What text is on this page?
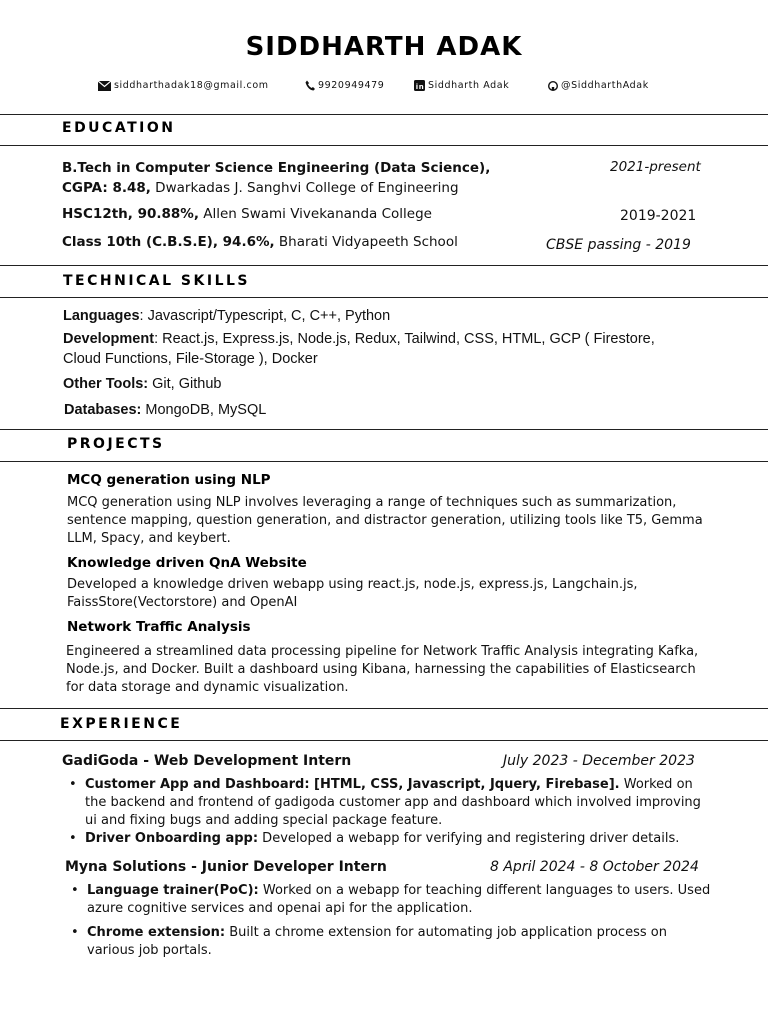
SIDDHARTH ADAK
siddharthadak18@gmail.com	9920949479	in Siddharth Adak	@SiddharthAdak
EDUCATION
B.Tech in Computer Science Engineering (Data Science),	2021-present
CGPA: 8.48, Dwarkadas J. Sanghvi College of Engineering
HSC12th, 90.88%, Allen Swami Vivekananda College	2019-2021
Class 10th (C.B.S.E), 94.6%, Bharati Vidyapeeth School	CBSE passing - 2019
TECHNICAL SKILLS
Languages: Javascript/Typescript, C, C++, Python
Development: React.js, Express.js, Node.js, Redux, Tailwind, CSS, HTML, GCP ( Firestore,
Cloud Functions, File-Storage ), Docker
Other Tools: Git, Github
Databases: MongoDB, MySQL
PROJECTS
MCQ generation using NLP
MCQ generation using NLP involves leveraging a range of techniques such as summarization, sentence mapping, question generation, and distractor generation, utilizing tools like T5, Gemma LLM, Spacy, and keybert.
Knowledge driven QnA Website
Developed a knowledge driven webapp using react.js, node.js, express.js, Langchain.js, FaissStore(Vectorstore) and OpenAI
Network Traffic Analysis
Engineered a streamlined data processing pipeline for Network Traffic Analysis integrating Kafka, Node.js, and Docker. Built a dashboard using Kibana, harnessing the capabilities of Elasticsearch for data storage and dynamic visualization.
EXPERIENCE
GadiGoda - Web Development Intern	July 2023 - December 2023
• Customer App and Dashboard: [HTML, CSS, Javascript, Jquery, Firebase]. Worked on the backend and frontend of gadigoda customer app and dashboard which involved improving ui and fixing bugs and adding special package feature.
• Driver Onboarding app: Developed a webapp for verifying and registering driver details.
Myna Solutions - Junior Developer Intern	8 April 2024 - 8 October 2024
• Language trainer(PoC): Worked on a webapp for teaching different languages to users. Used azure cognitive services and openai api for the application.
• Chrome extension: Built a chrome extension for automating job application process on various job portals.
